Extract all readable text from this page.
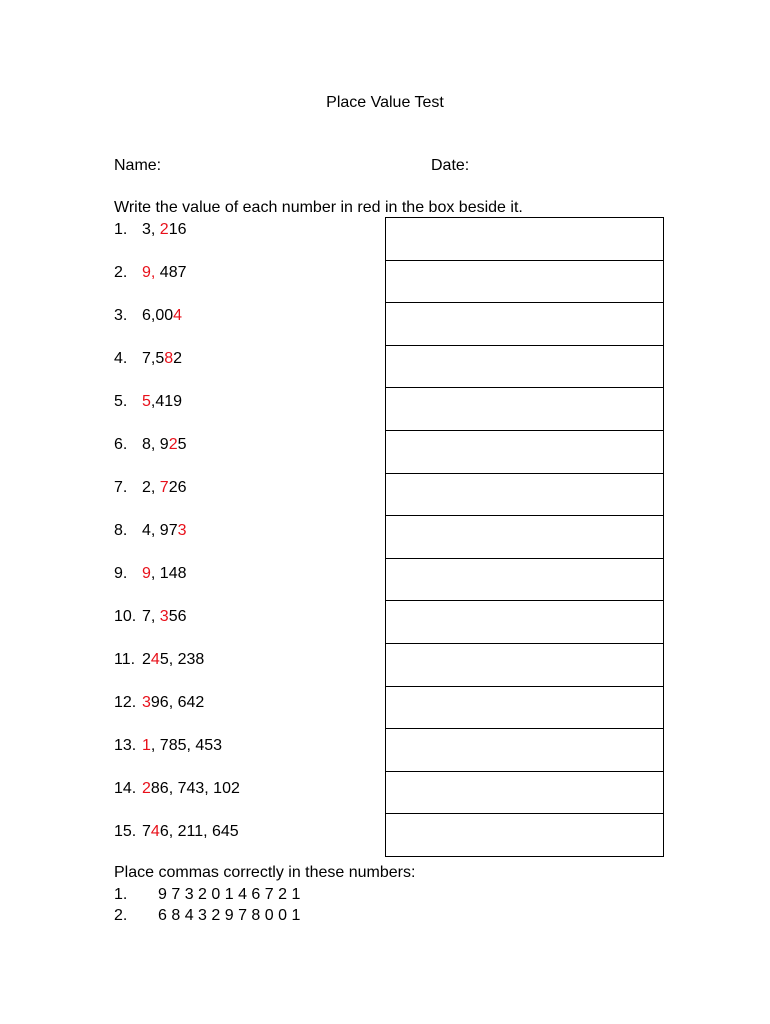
Place Value Test
Name:	Date:
Write the value of each number in red in the box beside it.
1. 3, 216
2. 9, 487
3. 6,004
4. 7,582
5. 5,419
6. 8, 925
7. 2, 726
8. 4, 973
9. 9, 148
10. 7, 356
11. 245, 238
12. 396, 642
13. 1, 785, 453
14. 286, 743, 102
15. 746, 211, 645
Place commas correctly in these numbers:
1. 9 7 3 2 0 1 4 6 7 2 1
2. 6 8 4 3 2 9 7 8 0 0 1
